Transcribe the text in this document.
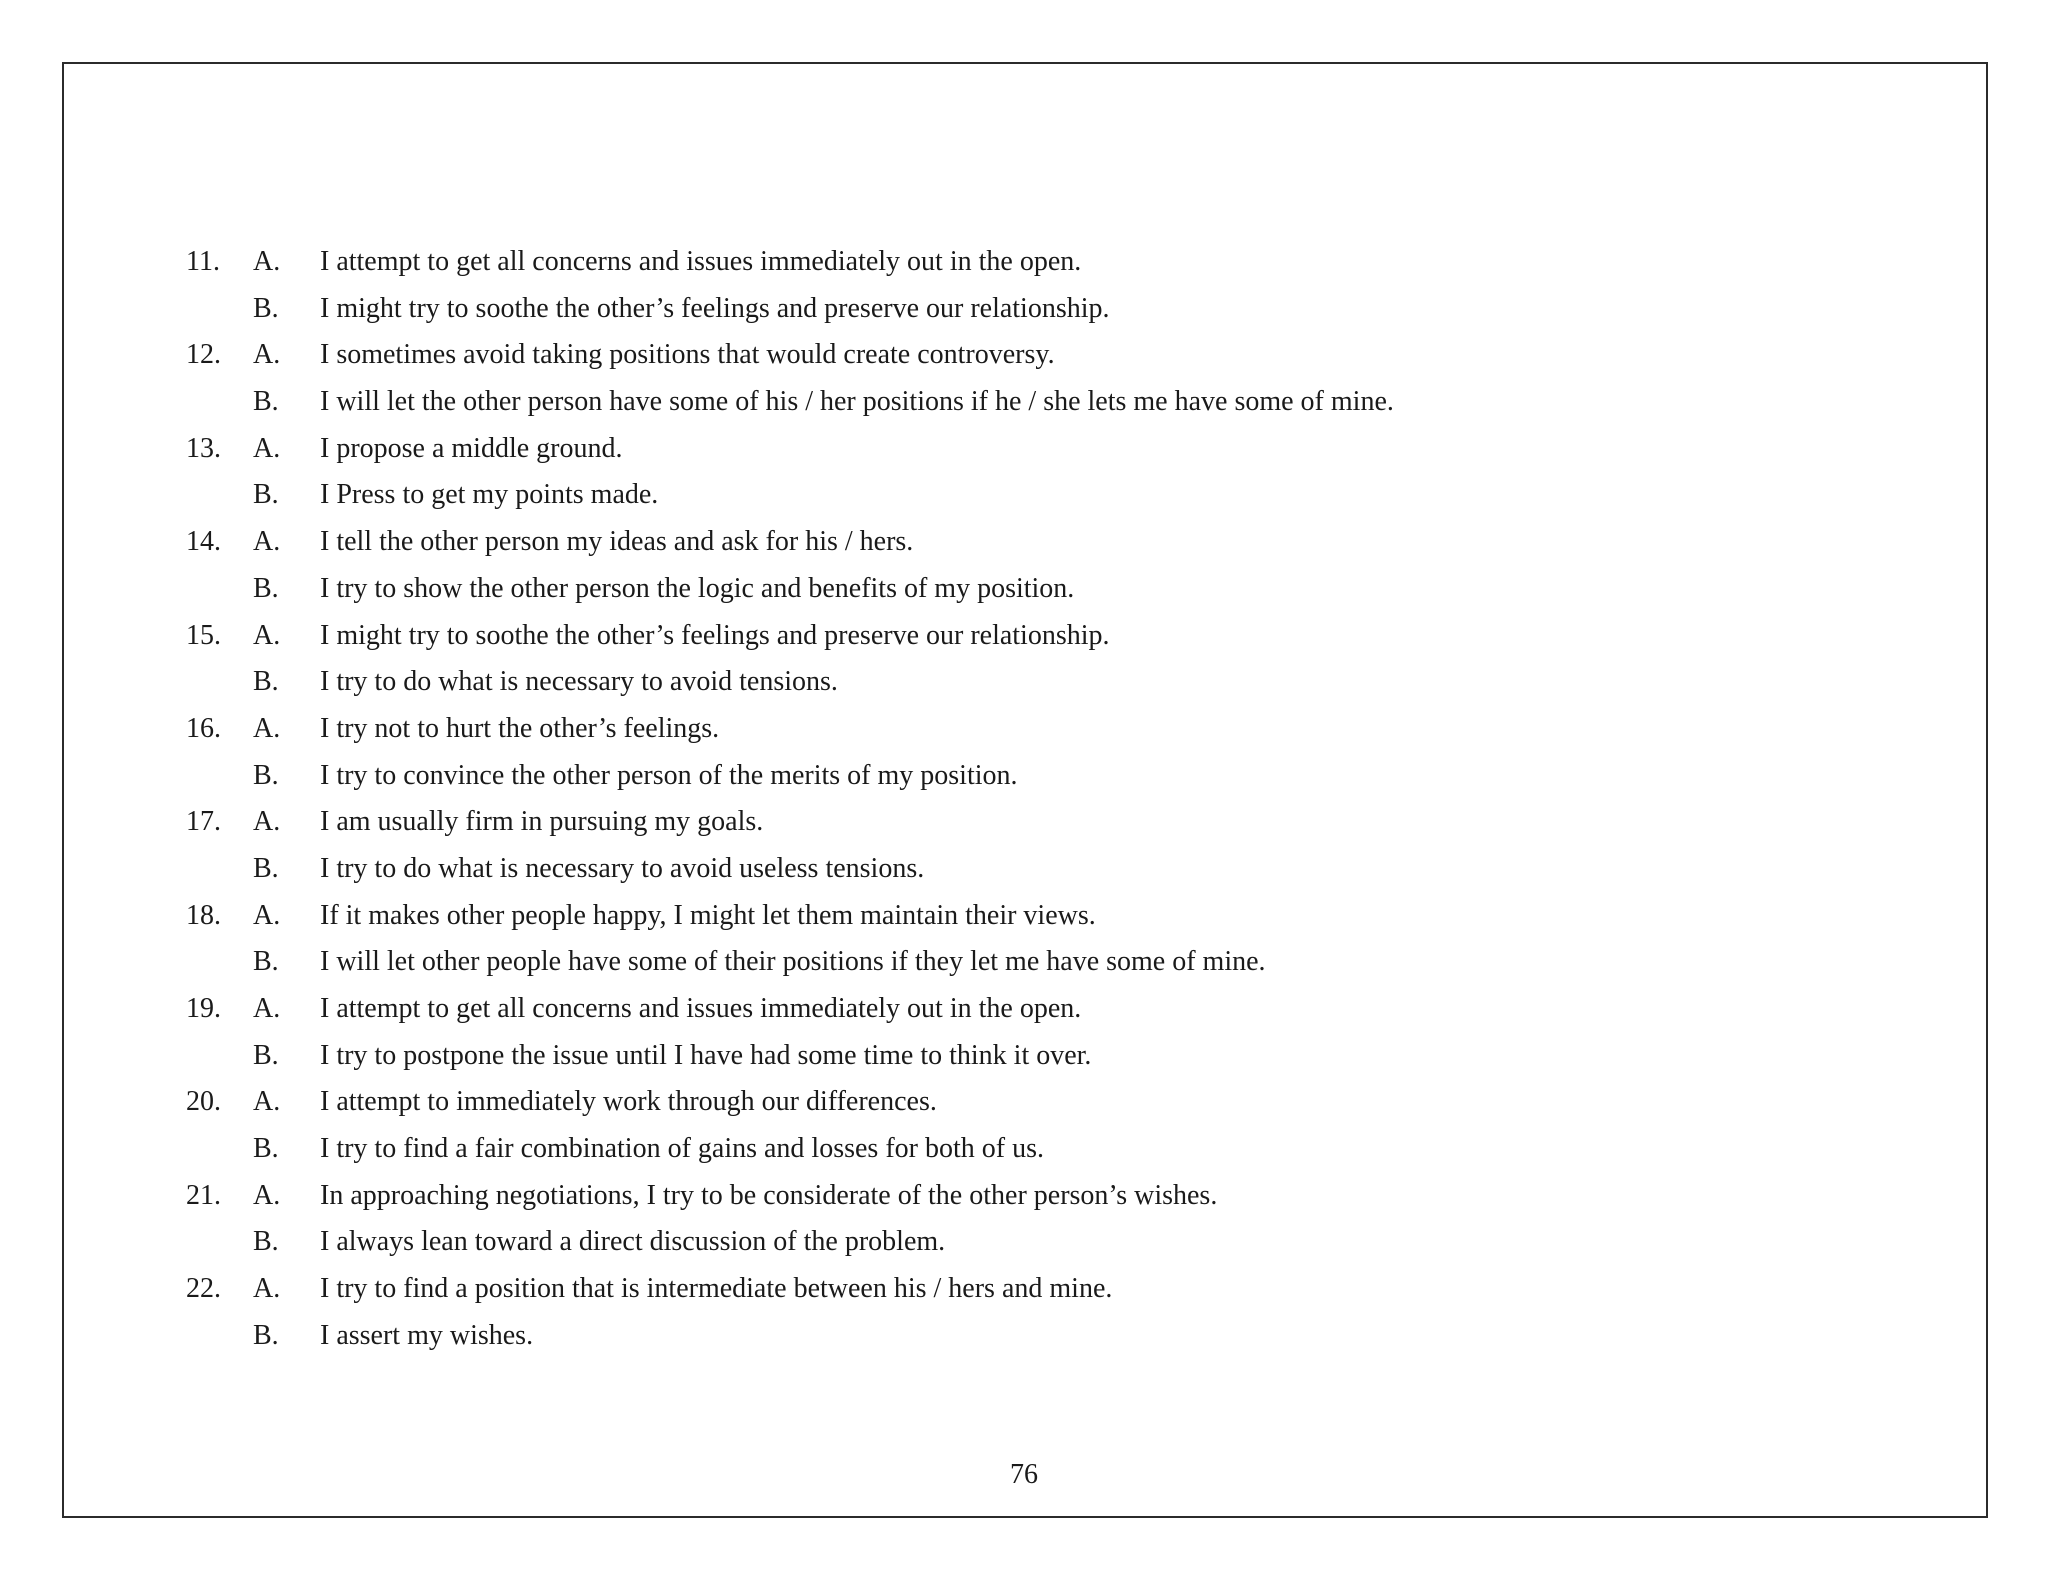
11. A. I attempt to get all concerns and issues immediately out in the open.
B. I might try to soothe the other’s feelings and preserve our relationship.
12. A. I sometimes avoid taking positions that would create controversy.
B. I will let the other person have some of his / her positions if he / she lets me have some of mine.
13. A. I propose a middle ground.
B. I Press to get my points made.
14. A. I tell the other person my ideas and ask for his / hers.
B. I try to show the other person the logic and benefits of my position.
15. A. I might try to soothe the other’s feelings and preserve our relationship.
B. I try to do what is necessary to avoid tensions.
16. A. I try not to hurt the other’s feelings.
B. I try to convince the other person of the merits of my position.
17. A. I am usually firm in pursuing my goals.
B. I try to do what is necessary to avoid useless tensions.
18. A. If it makes other people happy, I might let them maintain their views.
B. I will let other people have some of their positions if they let me have some of mine.
19. A. I attempt to get all concerns and issues immediately out in the open.
B. I try to postpone the issue until I have had some time to think it over.
20. A. I attempt to immediately work through our differences.
B. I try to find a fair combination of gains and losses for both of us.
21. A. In approaching negotiations, I try to be considerate of the other person’s wishes.
B. I always lean toward a direct discussion of the problem.
22. A. I try to find a position that is intermediate between his / hers and mine.
B. I assert my wishes.
76
